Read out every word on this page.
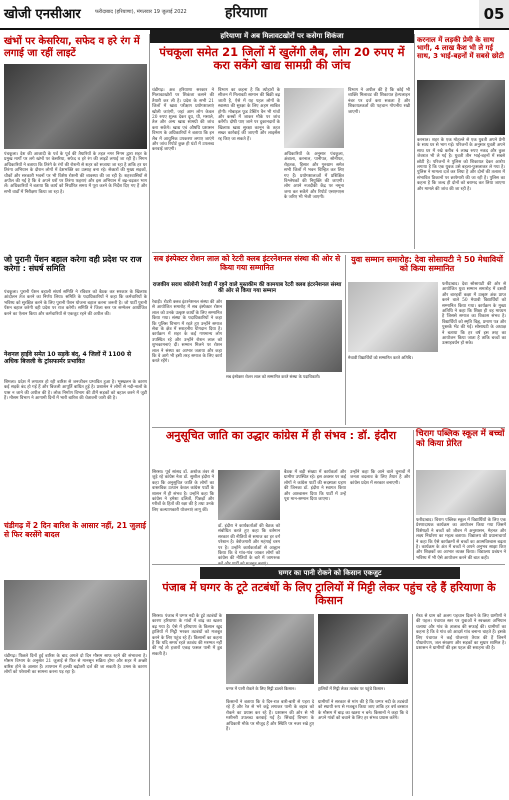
खोजी एनसीआर	फरीदाबाद (हरियाणा), मंगलवार 19 जुलाई 2022	हरियाणा	05
खंभों पर केसरिया, सफेद व हरे रंग में लगाई जा रहीं लाइटें
पंचकूला। देश की आजादी के पर्व के पूर्व की तैयारियों के तहत नगर निगम द्वारा शहर के प्रमुख मार्गों पर लगे खंभों पर केसरिया, सफेद व हरे रंग की लाइटें लगाई जा रही हैं। निगम अधिकारियों ने बताया कि तिरंगे के रंगों की रोशनी से शहर को सजाया जा रहा है ताकि हर घर तिरंगा अभियान के दौरान लोगों में देशभक्ति का उत्साह बना रहे। सेक्टरों की मुख्य सड़कों, चौकों और सरकारी भवनों पर भी विशेष रोशनी की व्यवस्था की जा रही है। शहरवासियों से अपील की गई है कि वे अपने घरों पर तिरंगा फहराएं और इस अभियान में बढ़-चढ़कर भाग लें। अधिकारियों ने बताया कि कार्य को निर्धारित समय में पूरा करने के निर्देश दिए गए हैं और सभी वार्डों में निरीक्षण किया जा रहा है।
जो पुरानी पेंशन बहाल करेगा वही प्रदेश पर राज करेगा : संघर्ष समिति
पंचकूला। पुरानी पेंशन बहाली संघर्ष समिति ने रविवार को बैठक कर सरकार के खिलाफ आंदोलन तेज करने का निर्णय लिया। समिति के पदाधिकारियों ने कहा कि कर्मचारियों के भविष्य को सुरक्षित करने के लिए पुरानी पेंशन योजना बहाल करना जरूरी है। जो पार्टी पुरानी पेंशन बहाल करेगी वही प्रदेश पर राज करेगी। समिति ने जिला स्तर पर सम्मेलन आयोजित करने का ऐलान किया और कर्मचारियों से एकजुट रहने की अपील की।
नेशनल हाईवे समेत 10 सड़कें बंद, 4 जिलों में 1100 से अधिक बिजली के ट्रांसफार्मर प्रभावित
शिमला। प्रदेश में लगातार हो रही बारिश से जनजीवन प्रभावित हुआ है। भूस्खलन के कारण कई सड़कें बंद हो गई हैं और बिजली आपूर्ति बाधित हुई है। प्रशासन ने लोगों से नदी-नालों के पास न जाने की अपील की है। लोक निर्माण विभाग की टीमें सड़कों को बहाल करने में जुटी हैं। मौसम विभाग ने आगामी दिनों में भारी बारिश की चेतावनी जारी की है।
चंडीगढ़ में 2 दिन बारिश के आसार नहीं, 21 जुलाई से फिर बरसेंगे बादल
चंडीगढ़। पिछले दिनों हुई बारिश के बाद अगले दो दिन मौसम साफ रहने की संभावना है। मौसम विभाग के अनुसार 21 जुलाई से फिर से मानसून सक्रिय होगा और शहर में अच्छी बारिश होने के आसार हैं। तापमान में हल्की बढ़ोतरी दर्ज की जा सकती है। उमस के कारण लोगों को परेशानी का सामना करना पड़ रहा है।
हरियाणा में अब मिलावटखोरों पर कसेगा शिकंजा
पंचकूला समेत 21 जिलों में खुलेंगी लैब, लोग 20 रुपए में करा सकेंगे खाद्य सामग्री की जांच
चंडीगढ़। अब हरियाणा सरकार ने मिलावटखोरों पर शिकंजा कसने की तैयारी कर ली है। प्रदेश के सभी 21 जिलों में खाद्य परीक्षण प्रयोगशालाएं खोली जाएंगी, जहां आम लोग केवल 20 रुपए शुल्क देकर दूध, घी, मसाले, तेल और अन्य खाद्य सामग्री की जांच करा सकेंगे। खाद्य एवं औषधि प्रशासन विभाग के अधिकारियों ने बताया कि इन लैब में आधुनिक उपकरण लगाए जाएंगे और जांच रिपोर्ट कुछ ही घंटों में उपलब्ध करवाई जाएगी।
विभाग का कहना है कि त्योहारों के सीजन में मिलावटी सामान की बिक्री बढ़ जाती है, ऐसे में यह पहल लोगों के स्वास्थ्य की सुरक्षा के लिए अहम साबित होगी। मोबाइल फूड टेस्टिंग वैन भी गांवों और कस्बों में जाकर मौके पर जांच करेंगी। दोषी पाए जाने पर दुकानदारों के खिलाफ खाद्य सुरक्षा कानून के तहत सख्त कार्रवाई की जाएगी और लाइसेंस रद्द किए जा सकते हैं।
अधिकारियों के अनुसार पंचकूला, अंबाला, करनाल, पानीपत, सोनीपत, रोहतक, हिसार और गुरुग्राम समेत सभी जिलों में भवन चिन्हित कर लिए गए हैं। प्रयोगशालाओं में प्रशिक्षित विश्लेषकों की नियुक्ति की जाएगी। लोग अपने नजदीकी केंद्र पर नमूना जमा कर सकेंगे और रिपोर्ट एसएमएस के जरिए भी भेजी जाएगी।
विभाग ने अपील की है कि कोई भी व्यक्ति मिलावट की शिकायत हेल्पलाइन नंबर पर दर्ज करा सकता है और शिकायतकर्ता की पहचान गोपनीय रखी जाएगी।
करनाल में लड़की प्रेमी के साथ भागी, 4 लाख कैश भी ले गई साथ, 3 भाई-बहनों में सबसे छोटी
करनाल। शहर के एक मोहल्ले से एक युवती अपने प्रेमी के साथ घर से भाग गई। परिजनों के अनुसार युवती अपने साथ घर में रखे करीब 4 लाख रुपए नकद और कुछ जेवरात भी ले गई है। युवती तीन भाई-बहनों में सबसे छोटी है। परिजनों ने पुलिस को शिकायत देकर आरोप लगाया है कि एक युवक उसे बहला-फुसलाकर ले गया है। पुलिस ने मामला दर्ज कर लिया है और दोनों की तलाश में संभावित ठिकानों पर छापेमारी की जा रही है। पुलिस का कहना है कि जल्द ही दोनों को बरामद कर लिया जाएगा और मामले की जांच की जा रही है।
सब इंस्पेक्टर रोशन लाल को रेटरी क्लब इंटरनेशनल संस्था की ओर से किया गया सम्मानित
युवा सम्मान समारोह: देवा सोसायटी ने 50 मेधावियों को किया सम्मानित
राजकीय सराय कॉलोनी रेवाड़ी में रहने वाले मुस्तकीम की कामयाब रेटरी क्लब इंटरनेशनल संस्था की ओर से किया गया सम्मान
रेवाड़ी। रोटरी क्लब इंटरनेशनल संस्था की ओर से आयोजित समारोह में सब इंस्पेक्टर रोशन लाल को उनके उत्कृष्ट कार्यों के लिए सम्मानित किया गया। संस्था के पदाधिकारियों ने कहा कि पुलिस विभाग में रहते हुए उन्होंने समाज सेवा के क्षेत्र में सराहनीय योगदान दिया है। कार्यक्रम में शहर के कई गणमान्य लोग उपस्थित रहे और उन्होंने रोशन लाल को शुभकामनाएं दीं। सम्मान मिलने पर रोशन लाल ने संस्था का आभार जताया और कहा कि वे आगे भी इसी तरह समाज के लिए कार्य करते रहेंगे।
सब इंस्पेक्टर रोशन लाल को सम्मानित करते संस्था के पदाधिकारी।
फरीदाबाद। देवा सोसायटी की ओर से आयोजित युवा सम्मान समारोह में दसवीं और बारहवीं कक्षा में उत्कृष्ट अंक प्राप्त करने वाले 50 मेधावी विद्यार्थियों को सम्मानित किया गया। कार्यक्रम के मुख्य अतिथि ने कहा कि शिक्षा ही वह माध्यम है जिससे समाज का विकास संभव है। विद्यार्थियों को स्मृति चिह्न, प्रमाण पत्र और पुस्तकें भेंट की गईं। सोसायटी के अध्यक्ष ने बताया कि हर वर्ष इस तरह का आयोजन किया जाता है ताकि बच्चों का उत्साहवर्धन हो सके।
मेधावी विद्यार्थियों को सम्मानित करते अतिथि।
अनुसूचित जाति का उद्धार कांग्रेस में ही संभव : डॉ. इंदौरा
सिरसा। पूर्व सांसद डॉ. अशोक तंवर से जुड़े रहे कांग्रेस नेता डॉ. सुशील इंदौरा ने कहा कि अनुसूचित जाति के लोगों का वास्तविक उत्थान केवल कांग्रेस पार्टी के शासन में ही संभव है। उन्होंने कहा कि कांग्रेस ने हमेशा दलितों, पिछड़ों और गरीबों के हितों की रक्षा की है तथा उनके लिए कल्याणकारी योजनाएं लागू कीं।
डॉ. इंदौरा ने कार्यकर्ताओं की बैठक को संबोधित करते हुए कहा कि वर्तमान सरकार की नीतियों से समाज का हर वर्ग परेशान है। बेरोजगारी और महंगाई चरम पर है। उन्होंने कार्यकर्ताओं से आह्वान किया कि वे गांव-गांव जाकर लोगों को कांग्रेस की नीतियों के बारे में जागरूक
बैठक में बड़ी संख्या में कार्यकर्ता और ग्रामीण उपस्थित रहे। इस अवसर पर कई लोगों ने कांग्रेस पार्टी की सदस्यता ग्रहण की जिनका डॉ. इंदौरा ने स्वागत किया और आश्वासन दिया कि पार्टी में उन्हें पूरा मान-सम्मान दिया जाएगा।
उन्होंने कहा कि आने वाले चुनावों में जनता बदलाव के लिए तैयार है और कांग्रेस प्रदेश में सरकार बनाएगी।
चिराग पब्लिक स्कूल में बच्चों को किया प्रेरित
फरीदाबाद। चिराग पब्लिक स्कूल में विद्यार्थियों के लिए एक प्रेरणादायक कार्यक्रम का आयोजन किया गया जिसमें विशेषज्ञों ने बच्चों को जीवन में अनुशासन, मेहनत और लक्ष्य निर्धारण का महत्व बताया। विद्यालय की प्रधानाचार्या ने कहा कि ऐसे कार्यक्रमों से बच्चों का आत्मविश्वास बढ़ता है। कार्यक्रम के अंत में बच्चों ने अपने अनुभव साझा किए और शिक्षकों का आभार व्यक्त किया। विद्यालय प्रबंधन ने भविष्य में भी ऐसे आयोजन करने की बात कही।
घग्गर का पानी रोकने को किसान एकजुट
पंजाब में घग्गर के टूटे तटबंधों के लिए ट्रालियों में मिट्टी लेकर पहुंच रहे हैं हरियाणा के किसान
सिरसा। पंजाब में घग्गर नदी के टूटे तटबंधों के कारण हरियाणा के गांवों में बाढ़ का खतरा बढ़ गया है। ऐसे में हरियाणा के किसान खुद ट्रालियों में मिट्टी भरकर तटबंधों को मजबूत करने के लिए पहुंच रहे हैं। किसानों का कहना है कि यदि समय रहते तटबंध की मरम्मत नहीं की गई तो हजारों एकड़ फसल पानी में डूब सकती है।
घग्गर में पानी रोकने के लिए मिट्टी डालते किसान।	ट्रालियों में मिट्टी लेकर तटबंध पर पहुंचे किसान।
किसानों ने बताया कि वे दिन-रात बारी-बारी से पहरा दे रहे हैं और रेत से भरे कट्टे लगाकर पानी के बहाव को रोकने का प्रयास कर रहे हैं। प्रशासन की ओर से भी मशीनरी उपलब्ध करवाई गई है। सिंचाई विभाग के अधिकारी मौके पर मौजूद हैं और स्थिति पर नजर रखे हुए हैं।
ग्रामीणों ने सरकार से मांग की है कि घग्गर नदी के तटबंधों को स्थायी रूप से मजबूत किया जाए ताकि हर वर्ष बरसात के मौसम में बाढ़ का खतरा न बने। किसानों ने कहा कि वे अपने गांवों को बचाने के लिए हर संभव प्रयास करेंगे।
मेरठ से ग्राम को अलग पहचान दिलाने के लिए ग्रामीणों ने की पहल। पंचायत स्तर पर युवाओं ने स्वच्छता अभियान चलाया और गांव के तालाब की सफाई की। ग्रामीणों का कहना है कि वे गांव को आदर्श गांव बनाना चाहते हैं। इसके लिए पंचायत ने कई योजनाएं तैयार की हैं जिनमें पौधारोपण, जल संरक्षण और सड़कों का सुधार शामिल है। प्रशासन ने ग्रामीणों की इस पहल की सराहना की है।
